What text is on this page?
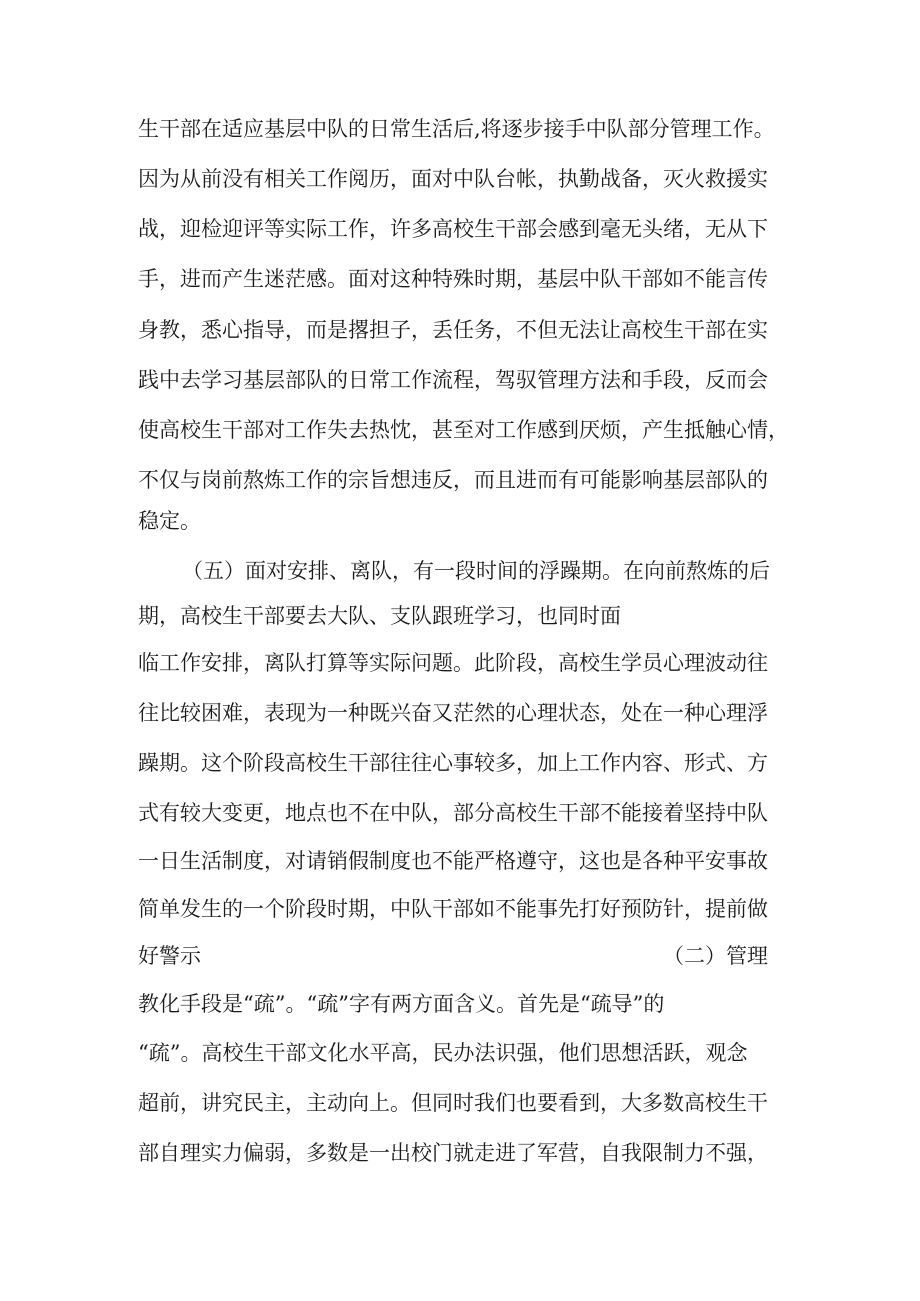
生干部在适应基层中队的日常生活后,将逐步接手中队部分管理工作。
因为从前没有相关工作阅历，面对中队台帐，执勤战备，灭火救援实
战，迎检迎评等实际工作，许多高校生干部会感到毫无头绪，无从下
手，进而产生迷茫感。面对这种特殊时期，基层中队干部如不能言传
身教，悉心指导，而是撂担子，丢任务，不但无法让高校生干部在实
践中去学习基层部队的日常工作流程，驾驭管理方法和手段，反而会
使高校生干部对工作失去热忱，甚至对工作感到厌烦，产生抵触心情，
不仅与岗前熬炼工作的宗旨想违反，而且进而有可能影响基层部队的
稳定。
（五）面对安排、离队，有一段时间的浮躁期。在向前熬炼的后
期，高校生干部要去大队、支队跟班学习，也同时面
临工作安排，离队打算等实际问题。此阶段，高校生学员心理波动往
往比较困难，表现为一种既兴奋又茫然的心理状态，处在一种心理浮
躁期。这个阶段高校生干部往往心事较多，加上工作内容、形式、方
式有较大变更，地点也不在中队，部分高校生干部不能接着坚持中队
一日生活制度，对请销假制度也不能严格遵守，这也是各种平安事故
简单发生的一个阶段时期，中队干部如不能事先打好预防针，提前做
好警示	（二）管理
教化手段是“疏”。“疏”字有两方面含义。首先是“疏导”的
“疏”。高校生干部文化水平高，民办法识强，他们思想活跃，观念
超前，讲究民主，主动向上。但同时我们也要看到，大多数高校生干
部自理实力偏弱，多数是一出校门就走进了军营，自我限制力不强，
